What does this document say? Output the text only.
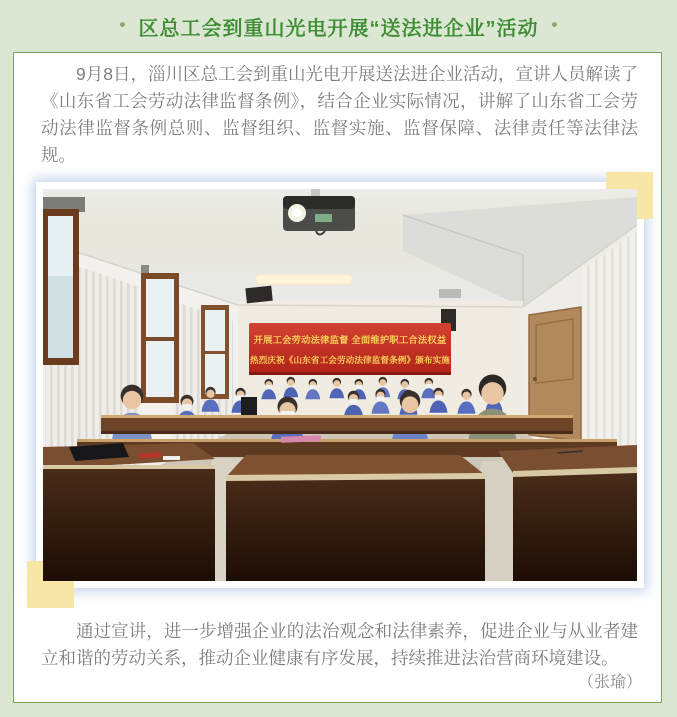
• 区总工会到重山光电开展“送法进企业”活动 •

9月8日，淄川区总工会到重山光电开展送法进企业活动，宣讲人员解读了《山东省工会劳动法律监督条例》，结合企业实际情况，讲解了山东省工会劳动法律监督条例总则、监督组织、监督实施、监督保障、法律责任等法律法规。

开展工会劳动法律监督 全面维护职工合法权益
热烈庆祝《山东省工会劳动法律监督条例》颁布实施

通过宣讲，进一步增强企业的法治观念和法律素养，促进企业与从业者建立和谐的劳动关系，推动企业健康有序发展，持续推进法治营商环境建设。

（张瑜）
